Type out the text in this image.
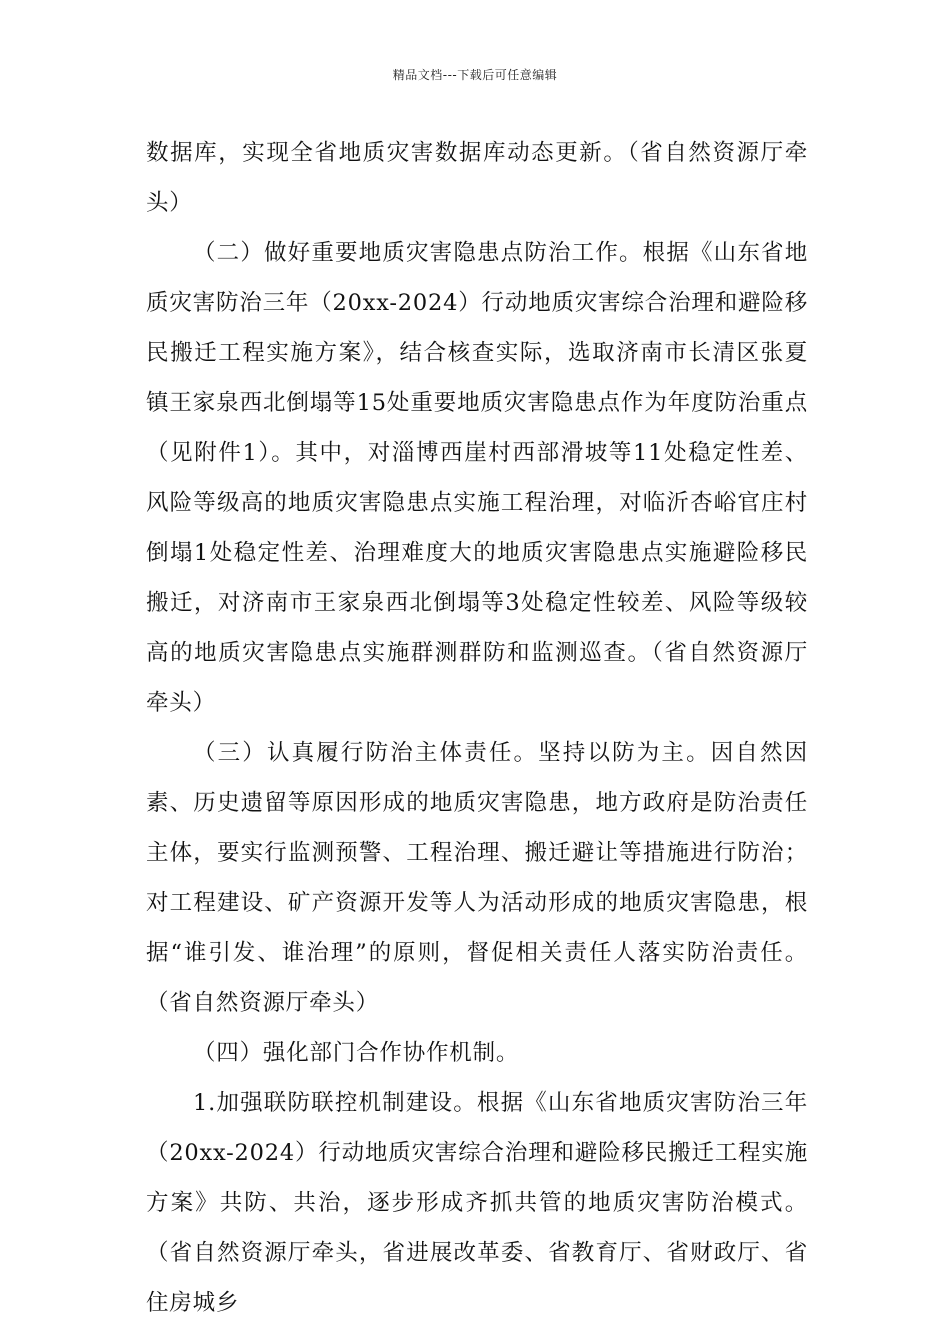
精品文档---下载后可任意编辑

数据库，实现全省地质灾害数据库动态更新。（省自然资源厅牵头）

（二）做好重要地质灾害隐患点防治工作。根据《山东省地质灾害防治三年（20xx-2024）行动地质灾害综合治理和避险移民搬迁工程实施方案》，结合核查实际，选取济南市长清区张夏镇王家泉西北倒塌等15处重要地质灾害隐患点作为年度防治重点（见附件1）。其中，对淄博西崖村西部滑坡等11处稳定性差、风险等级高的地质灾害隐患点实施工程治理，对临沂杏峪官庄村倒塌1处稳定性差、治理难度大的地质灾害隐患点实施避险移民搬迁，对济南市王家泉西北倒塌等3处稳定性较差、风险等级较高的地质灾害隐患点实施群测群防和监测巡查。（省自然资源厅牵头）

（三）认真履行防治主体责任。坚持以防为主。因自然因素、历史遗留等原因形成的地质灾害隐患，地方政府是防治责任主体，要实行监测预警、工程治理、搬迁避让等措施进行防治；对工程建设、矿产资源开发等人为活动形成的地质灾害隐患，根据“谁引发、谁治理”的原则，督促相关责任人落实防治责任。（省自然资源厅牵头）

（四）强化部门合作协作机制。

1.加强联防联控机制建设。根据《山东省地质灾害防治三年（20xx-2024）行动地质灾害综合治理和避险移民搬迁工程实施方案》共防、共治，逐步形成齐抓共管的地质灾害防治模式。（省自然资源厅牵头，省进展改革委、省教育厅、省财政厅、省住房城乡
